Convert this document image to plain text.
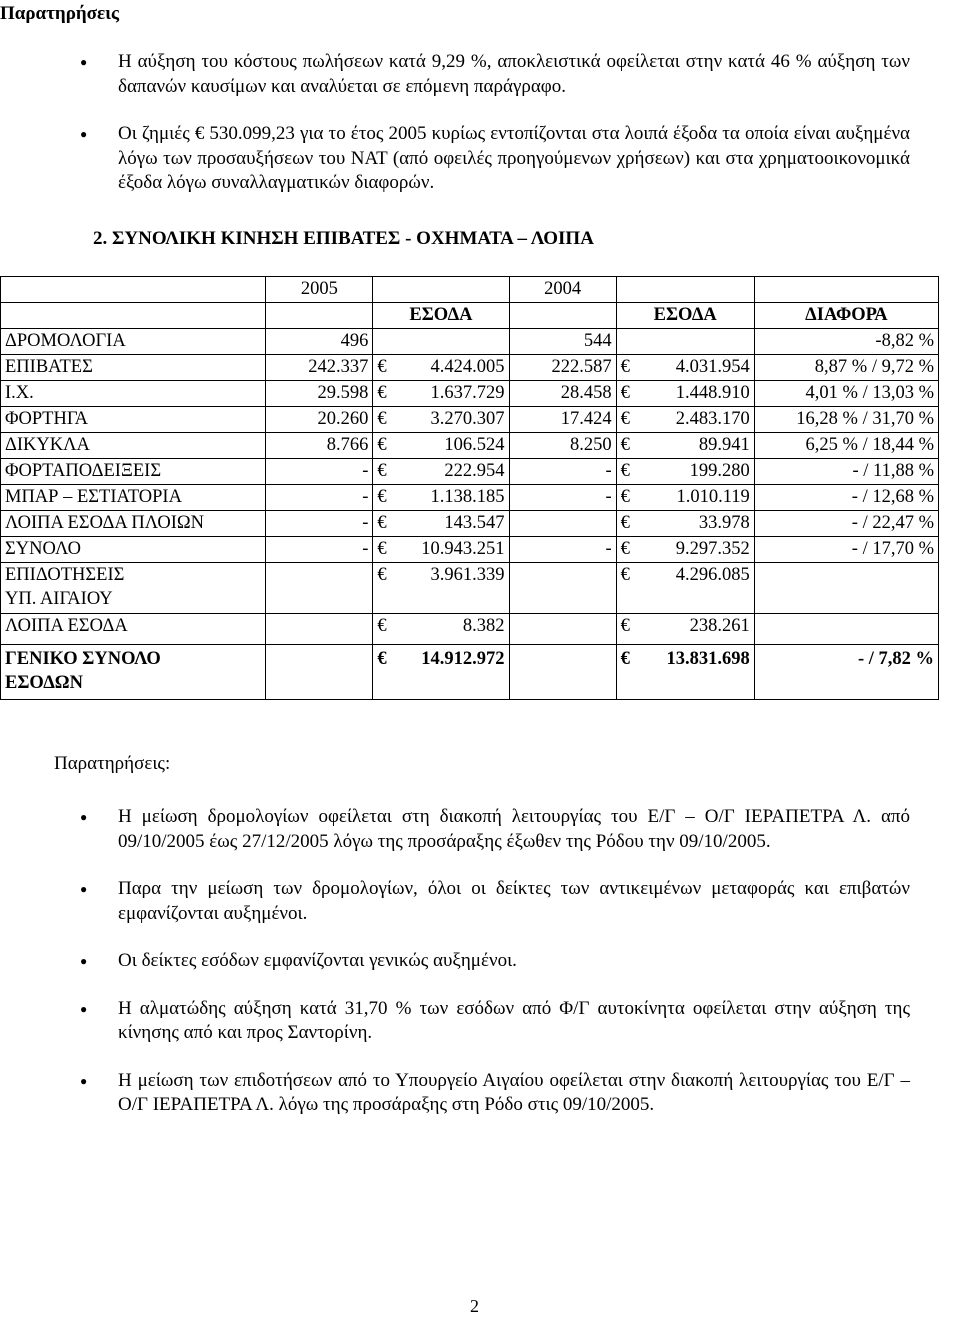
Παρατηρήσεις
● Η αύξηση του κόστους πωλήσεων κατά 9,29 %, αποκλειστικά οφείλεται στην κατά 46 % αύξηση των δαπανών καυσίμων και αναλύεται σε επόμενη παράγραφο.
● Οι ζημιές € 530.099,23 για το έτος 2005 κυρίως εντοπίζονται στα λοιπά έξοδα τα οποία είναι αυξημένα λόγω των προσαυξήσεων του ΝΑΤ (από οφειλές προηγούμενων χρήσεων) και στα χρηματοοικονομικά έξοδα λόγω συναλλαγματικών διαφορών.
2. ΣΥΝΟΛΙΚΗ ΚΙΝΗΣΗ ΕΠΙΒΑΤΕΣ - ΟΧΗΜΑΤΑ – ΛΟΙΠΑ
	2005		2004		
		ΕΣΟΔΑ		ΕΣΟΔΑ	ΔΙΑΦΟΡΑ
ΔΡΟΜΟΛΟΓΙΑ	496		544		-8,82 %
ΕΠΙΒΑΤΕΣ	242.337	€ 4.424.005	222.587	€ 4.031.954	8,87 % / 9,72 %
Ι.Χ.	29.598	€ 1.637.729	28.458	€ 1.448.910	4,01 % / 13,03 %
ΦΟΡΤΗΓΑ	20.260	€ 3.270.307	17.424	€ 2.483.170	16,28 % / 31,70 %
ΔΙΚΥΚΛΑ	8.766	€ 106.524	8.250	€ 89.941	6,25 % / 18,44 %
ΦΟΡΤΑΠΟΔΕΙΞΕΙΣ	-	€ 222.954	-	€ 199.280	- / 11,88 %
ΜΠΑΡ – ΕΣΤΙΑΤΟΡΙΑ	-	€ 1.138.185	-	€ 1.010.119	- / 12,68 %
ΛΟΙΠΑ ΕΣΟΔΑ ΠΛΟΙΩΝ	-	€ 143.547		€ 33.978	- / 22,47 %
ΣΥΝΟΛΟ	-	€ 10.943.251	-	€ 9.297.352	- / 17,70 %
ΕΠΙΔΟΤΗΣΕΙΣ
ΥΠ. ΑΙΓΑΙΟΥ		€ 3.961.339		€ 4.296.085	

ΛΟΙΠΑ ΕΣΟΔΑ		€ 8.382		€ 238.261	

ΓΕΝΙΚΟ ΣΥΝΟΛΟ
ΕΣΟΔΩΝ		€ 14.912.972		€ 13.831.698	- / 7,82 %
Παρατηρήσεις:
● Η μείωση δρομολογίων οφείλεται στη διακοπή λειτουργίας του Ε/Γ – Ο/Γ ΙΕΡΑΠΕΤΡΑ Λ. από 09/10/2005 έως 27/12/2005 λόγω της προσάραξης έξωθεν της Ρόδου την 09/10/2005.
● Παρα την μείωση των δρομολογίων, όλοι οι δείκτες των αντικειμένων μεταφοράς και επιβατών εμφανίζονται αυξημένοι.
● Οι δείκτες εσόδων εμφανίζονται γενικώς αυξημένοι.
● Η αλματώδης αύξηση κατά 31,70 % των εσόδων από Φ/Γ αυτοκίνητα οφείλεται στην αύξηση της κίνησης από και προς Σαντορίνη.
● Η μείωση των επιδοτήσεων από το Υπουργείο Αιγαίου οφείλεται στην διακοπή λειτουργίας του Ε/Γ – Ο/Γ ΙΕΡΑΠΕΤΡΑ Λ. λόγω της προσάραξης στη Ρόδο στις 09/10/2005.
2
